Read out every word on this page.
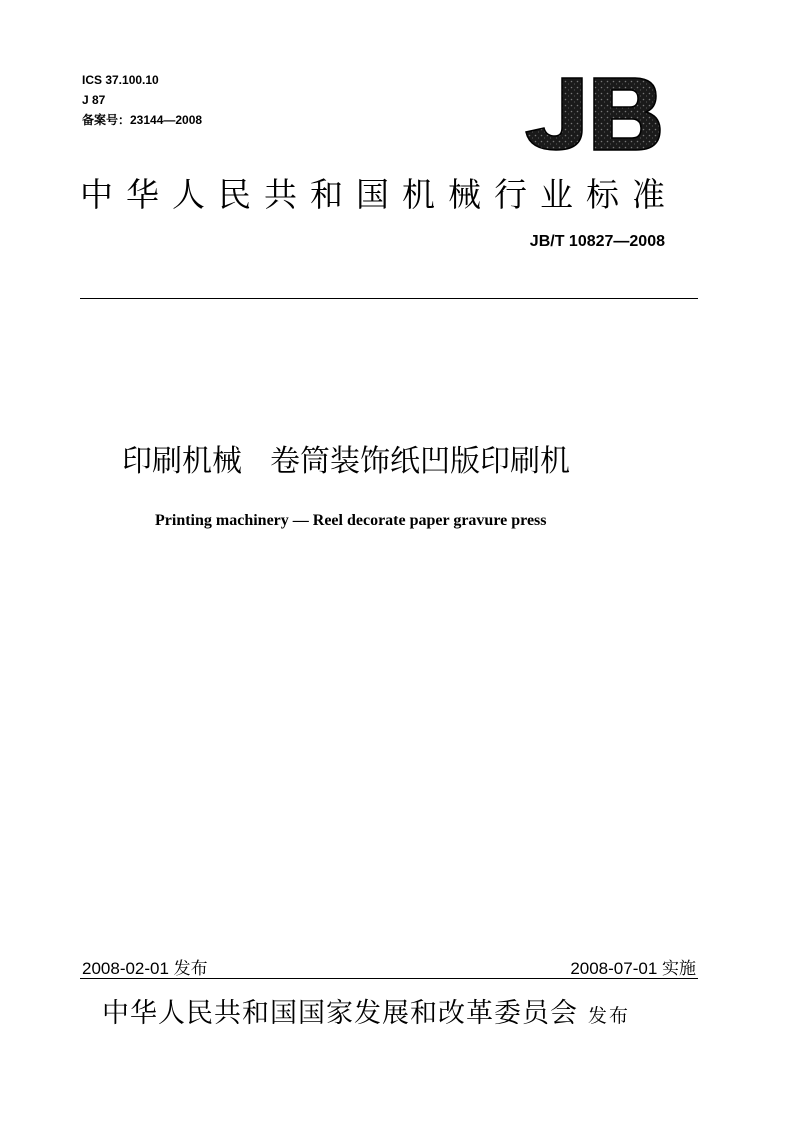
ICS 37.100.10
J 87
备案号：23144—2008
中华人民共和国机械行业标准
JB/T 10827—2008
印刷机械 卷筒装饰纸凹版印刷机
Printing machinery — Reel decorate paper gravure press
2008-02-01 发布	2008-07-01 实施
中华人民共和国国家发展和改革委员会 发布
